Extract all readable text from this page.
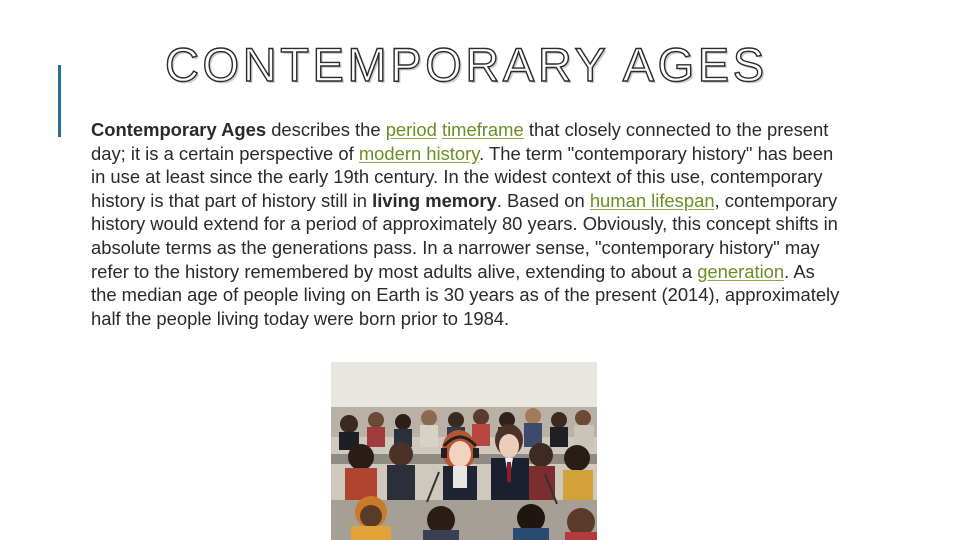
CONTEMPORARY AGES

Contemporary Ages describes the period timeframe that closely connected to the present day; it is a certain perspective of modern history. The term "contemporary history" has been in use at least since the early 19th century. In the widest context of this use, contemporary history is that part of history still in living memory. Based on human lifespan, contemporary history would extend for a period of approximately 80 years. Obviously, this concept shifts in absolute terms as the generations pass. In a narrower sense, "contemporary history" may refer to the history remembered by most adults alive, extending to about a generation. As the median age of people living on Earth is 30 years as of the present (2014), approximately half the people living today were born prior to 1984.
